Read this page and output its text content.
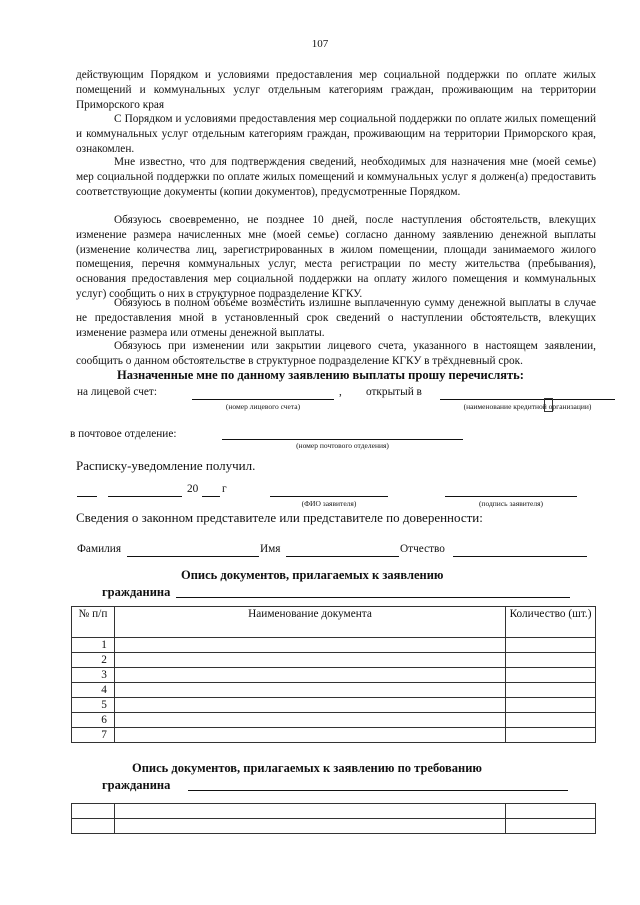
107
действующим Порядком и условиями предоставления мер социальной поддержки по оплате жилых помещений и коммунальных услуг отдельным категориям граждан, проживающим на территории Приморского края
С Порядком и условиями предоставления мер социальной поддержки по оплате жилых помещений и коммунальных услуг отдельным категориям граждан, проживающим на территории Приморского края, ознакомлен.
Мне известно, что для подтверждения сведений, необходимых для назначения мне (моей семье) мер социальной поддержки по оплате жилых помещений и коммунальных услуг я должен(а) предоставить соответствующие документы (копии документов), предусмотренные Порядком.
Обязуюсь своевременно, не позднее 10 дней, после наступления обстоятельств, влекущих изменение размера начисленных мне (моей семье) согласно данному заявлению денежной выплаты (изменение количества лиц, зарегистрированных в жилом помещении, площади занимаемого жилого помещения, перечня коммунальных услуг, места регистрации по месту жительства (пребывания), основания предоставления мер социальной поддержки на оплату жилого помещения и коммунальных услуг) сообщить о них в структурное подразделение КГКУ.
Обязуюсь в полном объеме возместить излишне выплаченную сумму денежной выплаты в случае не предоставления мной в установленный срок сведений о наступлении обстоятельств, влекущих изменение размера или отмены денежной выплаты.
Обязуюсь при изменении или закрытии лицевого счета, указанного в настоящем заявлении, сообщить о данном обстоятельстве в структурное подразделение КГКУ в трёхдневный срок.
Назначенные мне по данному заявлению выплаты прошу перечислять:
на лицевой счет:	, открытый в
(номер лицевого счета)	(наименование кредитной организации)
в почтовое отделение:
(номер почтового отделения)
Расписку-уведомление получил.
20 г
(ФИО заявителя)	(подпись заявителя)
Сведения о законном представителе или представителе по доверенности:
Фамилия	Имя	Отчество
Опись документов, прилагаемых к заявлению
гражданина
№ п/п	Наименование документа	Количество (шт.)
1		
2		
3		
4		
5		
6		
7		
Опись документов, прилагаемых к заявлению по требованию
гражданина
